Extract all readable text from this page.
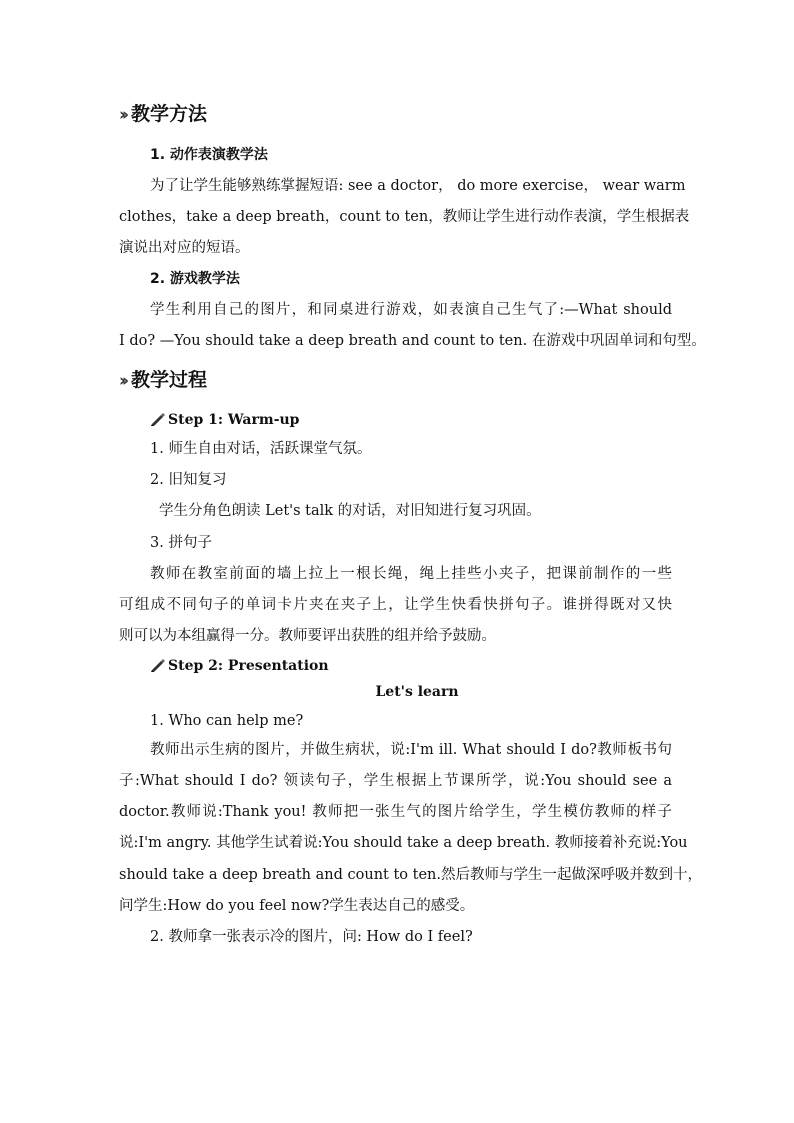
›› 教学方法
1. 动作表演教学法
为了让学生能够熟练掌握短语: see a doctor， do more exercise， wear warm
clothes，take a deep breath，count to ten，教师让学生进行动作表演，学生根据表
演说出对应的短语。
2. 游戏教学法
学生利用自己的图片，和同桌进行游戏，如表演自己生气了:—What should
I do? —You should take a deep breath and count to ten. 在游戏中巩固单词和句型。
›› 教学过程
Step 1: Warm-up
1. 师生自由对话，活跃课堂气氛。
2. 旧知复习
学生分角色朗读 Let's talk 的对话，对旧知进行复习巩固。
3. 拼句子
教师在教室前面的墙上拉上一根长绳，绳上挂些小夹子，把课前制作的一些
可组成不同句子的单词卡片夹在夹子上，让学生快看快拼句子。谁拼得既对又快
则可以为本组赢得一分。教师要评出获胜的组并给予鼓励。
Step 2: Presentation
Let's learn
1. Who can help me?
教师出示生病的图片，并做生病状，说:I'm ill. What should I do?教师板书句
子:What should I do? 领读句子，学生根据上节课所学，说:You should see a
doctor.教师说:Thank you! 教师把一张生气的图片给学生，学生模仿教师的样子
说:I'm angry. 其他学生试着说:You should take a deep breath. 教师接着补充说:You
should take a deep breath and count to ten.然后教师与学生一起做深呼吸并数到十，
问学生:How do you feel now?学生表达自己的感受。
2. 教师拿一张表示冷的图片，问: How do I feel?
